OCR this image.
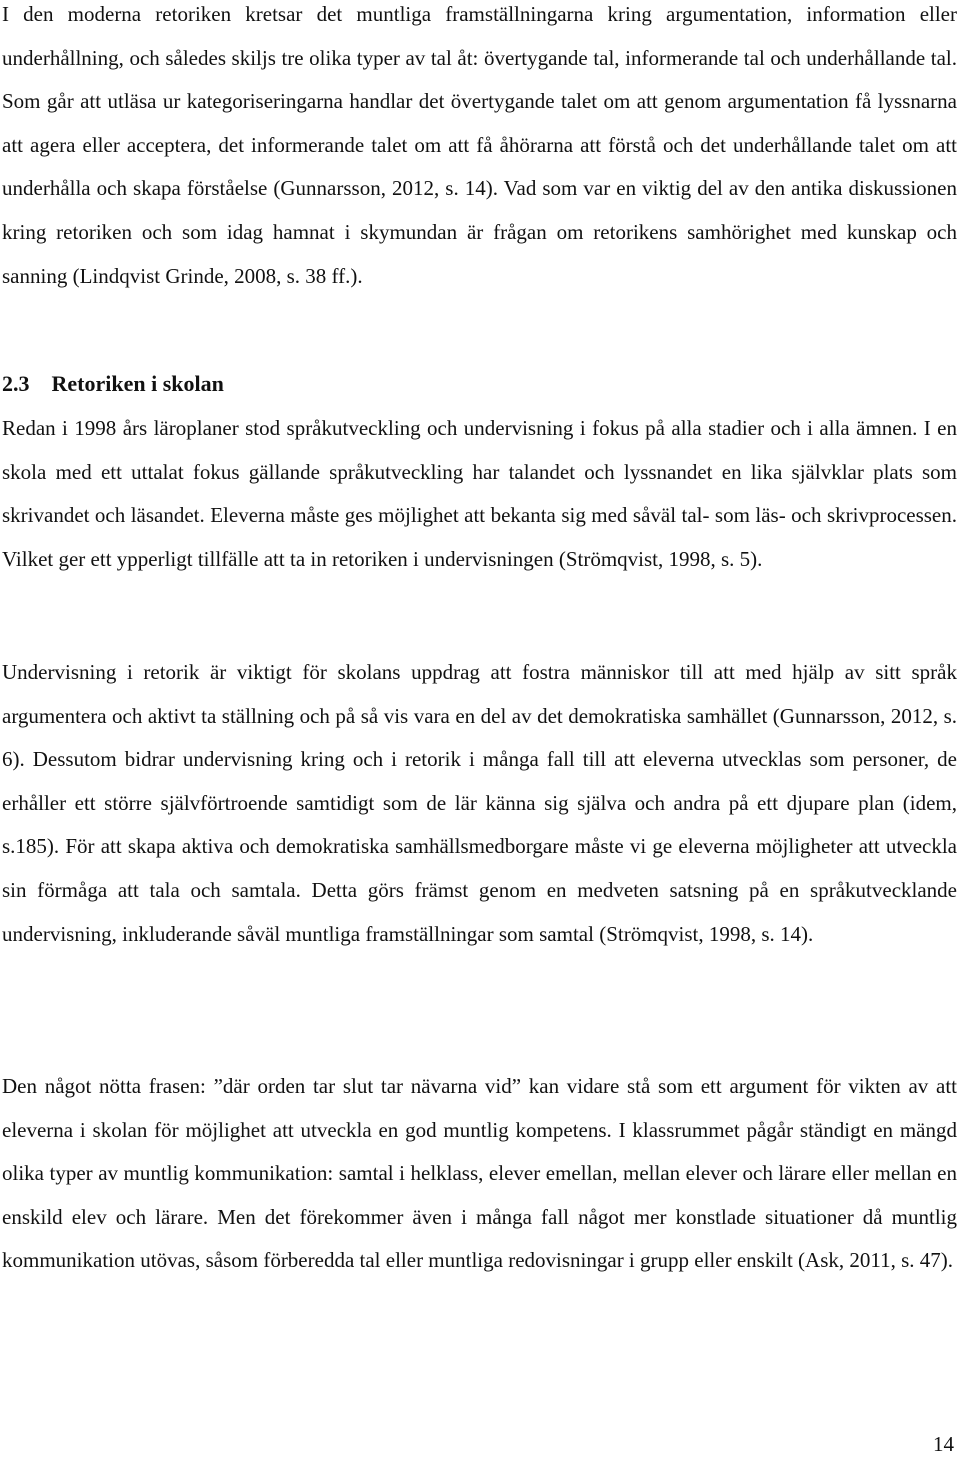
I den moderna retoriken kretsar det muntliga framställningarna kring argumentation, information eller underhållning, och således skiljs tre olika typer av tal åt: övertygande tal, informerande tal och underhållande tal. Som går att utläsa ur kategoriseringarna handlar det övertygande talet om att genom argumentation få lyssnarna att agera eller acceptera, det informerande talet om att få åhörarna att förstå och det underhållande talet om att underhålla och skapa förståelse (Gunnarsson, 2012, s. 14). Vad som var en viktig del av den antika diskussionen kring retoriken och som idag hamnat i skymundan är frågan om retorikens samhörighet med kunskap och sanning (Lindqvist Grinde, 2008, s. 38 ff.).

2.3 Retoriken i skolan

Redan i 1998 års läroplaner stod språkutveckling och undervisning i fokus på alla stadier och i alla ämnen. I en skola med ett uttalat fokus gällande språkutveckling har talandet och lyssnandet en lika självklar plats som skrivandet och läsandet. Eleverna måste ges möjlighet att bekanta sig med såväl tal- som läs- och skrivprocessen. Vilket ger ett ypperligt tillfälle att ta in retoriken i undervisningen (Strömqvist, 1998, s. 5).

Undervisning i retorik är viktigt för skolans uppdrag att fostra människor till att med hjälp av sitt språk argumentera och aktivt ta ställning och på så vis vara en del av det demokratiska samhället (Gunnarsson, 2012, s. 6). Dessutom bidrar undervisning kring och i retorik i många fall till att eleverna utvecklas som personer, de erhåller ett större självförtroende samtidigt som de lär känna sig själva och andra på ett djupare plan (idem, s.185). För att skapa aktiva och demokratiska samhällsmedborgare måste vi ge eleverna möjligheter att utveckla sin förmåga att tala och samtala. Detta görs främst genom en medveten satsning på en språkutvecklande undervisning, inkluderande såväl muntliga framställningar som samtal (Strömqvist, 1998, s. 14).

Den något nötta frasen: ”där orden tar slut tar nävarna vid” kan vidare stå som ett argument för vikten av att eleverna i skolan för möjlighet att utveckla en god muntlig kompetens. I klassrummet pågår ständigt en mängd olika typer av muntlig kommunikation: samtal i helklass, elever emellan, mellan elever och lärare eller mellan en enskild elev och lärare. Men det förekommer även i många fall något mer konstlade situationer då muntlig kommunikation utövas, såsom förberedda tal eller muntliga redovisningar i grupp eller enskilt (Ask, 2011, s. 47).

14
